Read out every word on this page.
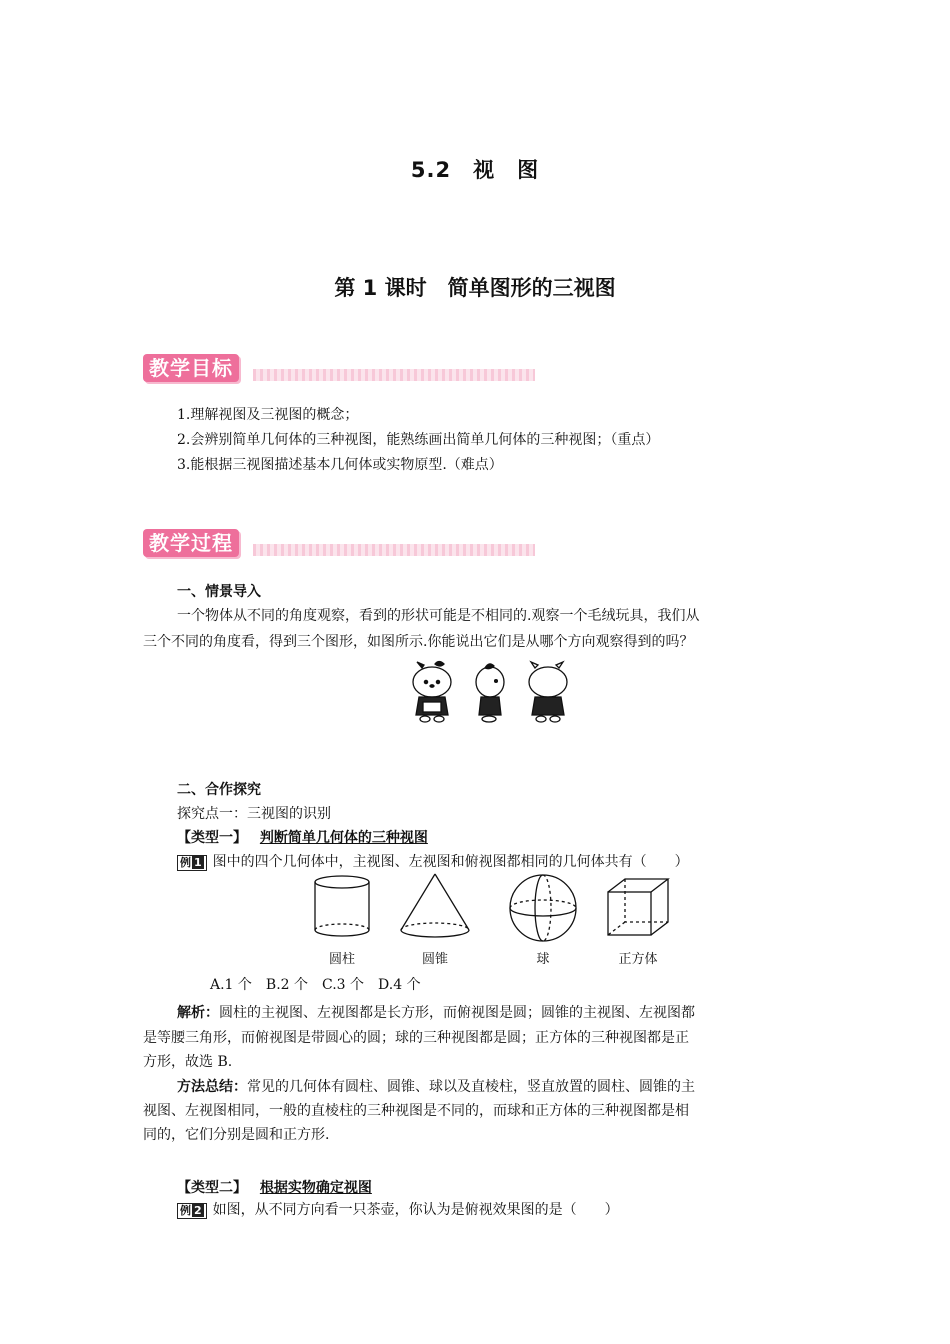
5.2　视　图
第 1 课时　简单图形的三视图
教学目标
1.理解视图及三视图的概念；
2.会辨别简单几何体的三种视图，能熟练画出简单几何体的三种视图；（重点）
3.能根据三视图描述基本几何体或实物原型.（难点）
教学过程
一、情景导入
一个物体从不同的角度观察，看到的形状可能是不相同的.观察一个毛绒玩具，我们从
三个不同的角度看，得到三个图形，如图所示.你能说出它们是从哪个方向观察得到的吗？
二、合作探究
探究点一：三视图的识别
【类型一】 判断简单几何体的三种视图
例 1 图中的四个几何体中，主视图、左视图和俯视图都相同的几何体共有（　　）
圆柱	圆锥	球	正方体
A.1 个　B.2 个　C.3 个　D.4 个
解析：圆柱的主视图、左视图都是长方形，而俯视图是圆；圆锥的主视图、左视图都
是等腰三角形，而俯视图是带圆心的圆；球的三种视图都是圆；正方体的三种视图都是正
方形，故选 B.
方法总结：常见的几何体有圆柱、圆锥、球以及直棱柱，竖直放置的圆柱、圆锥的主
视图、左视图相同，一般的直棱柱的三种视图是不同的，而球和正方体的三种视图都是相
同的，它们分别是圆和正方形.
【类型二】 根据实物确定视图
例 2 如图，从不同方向看一只茶壶，你认为是俯视效果图的是（　　）
